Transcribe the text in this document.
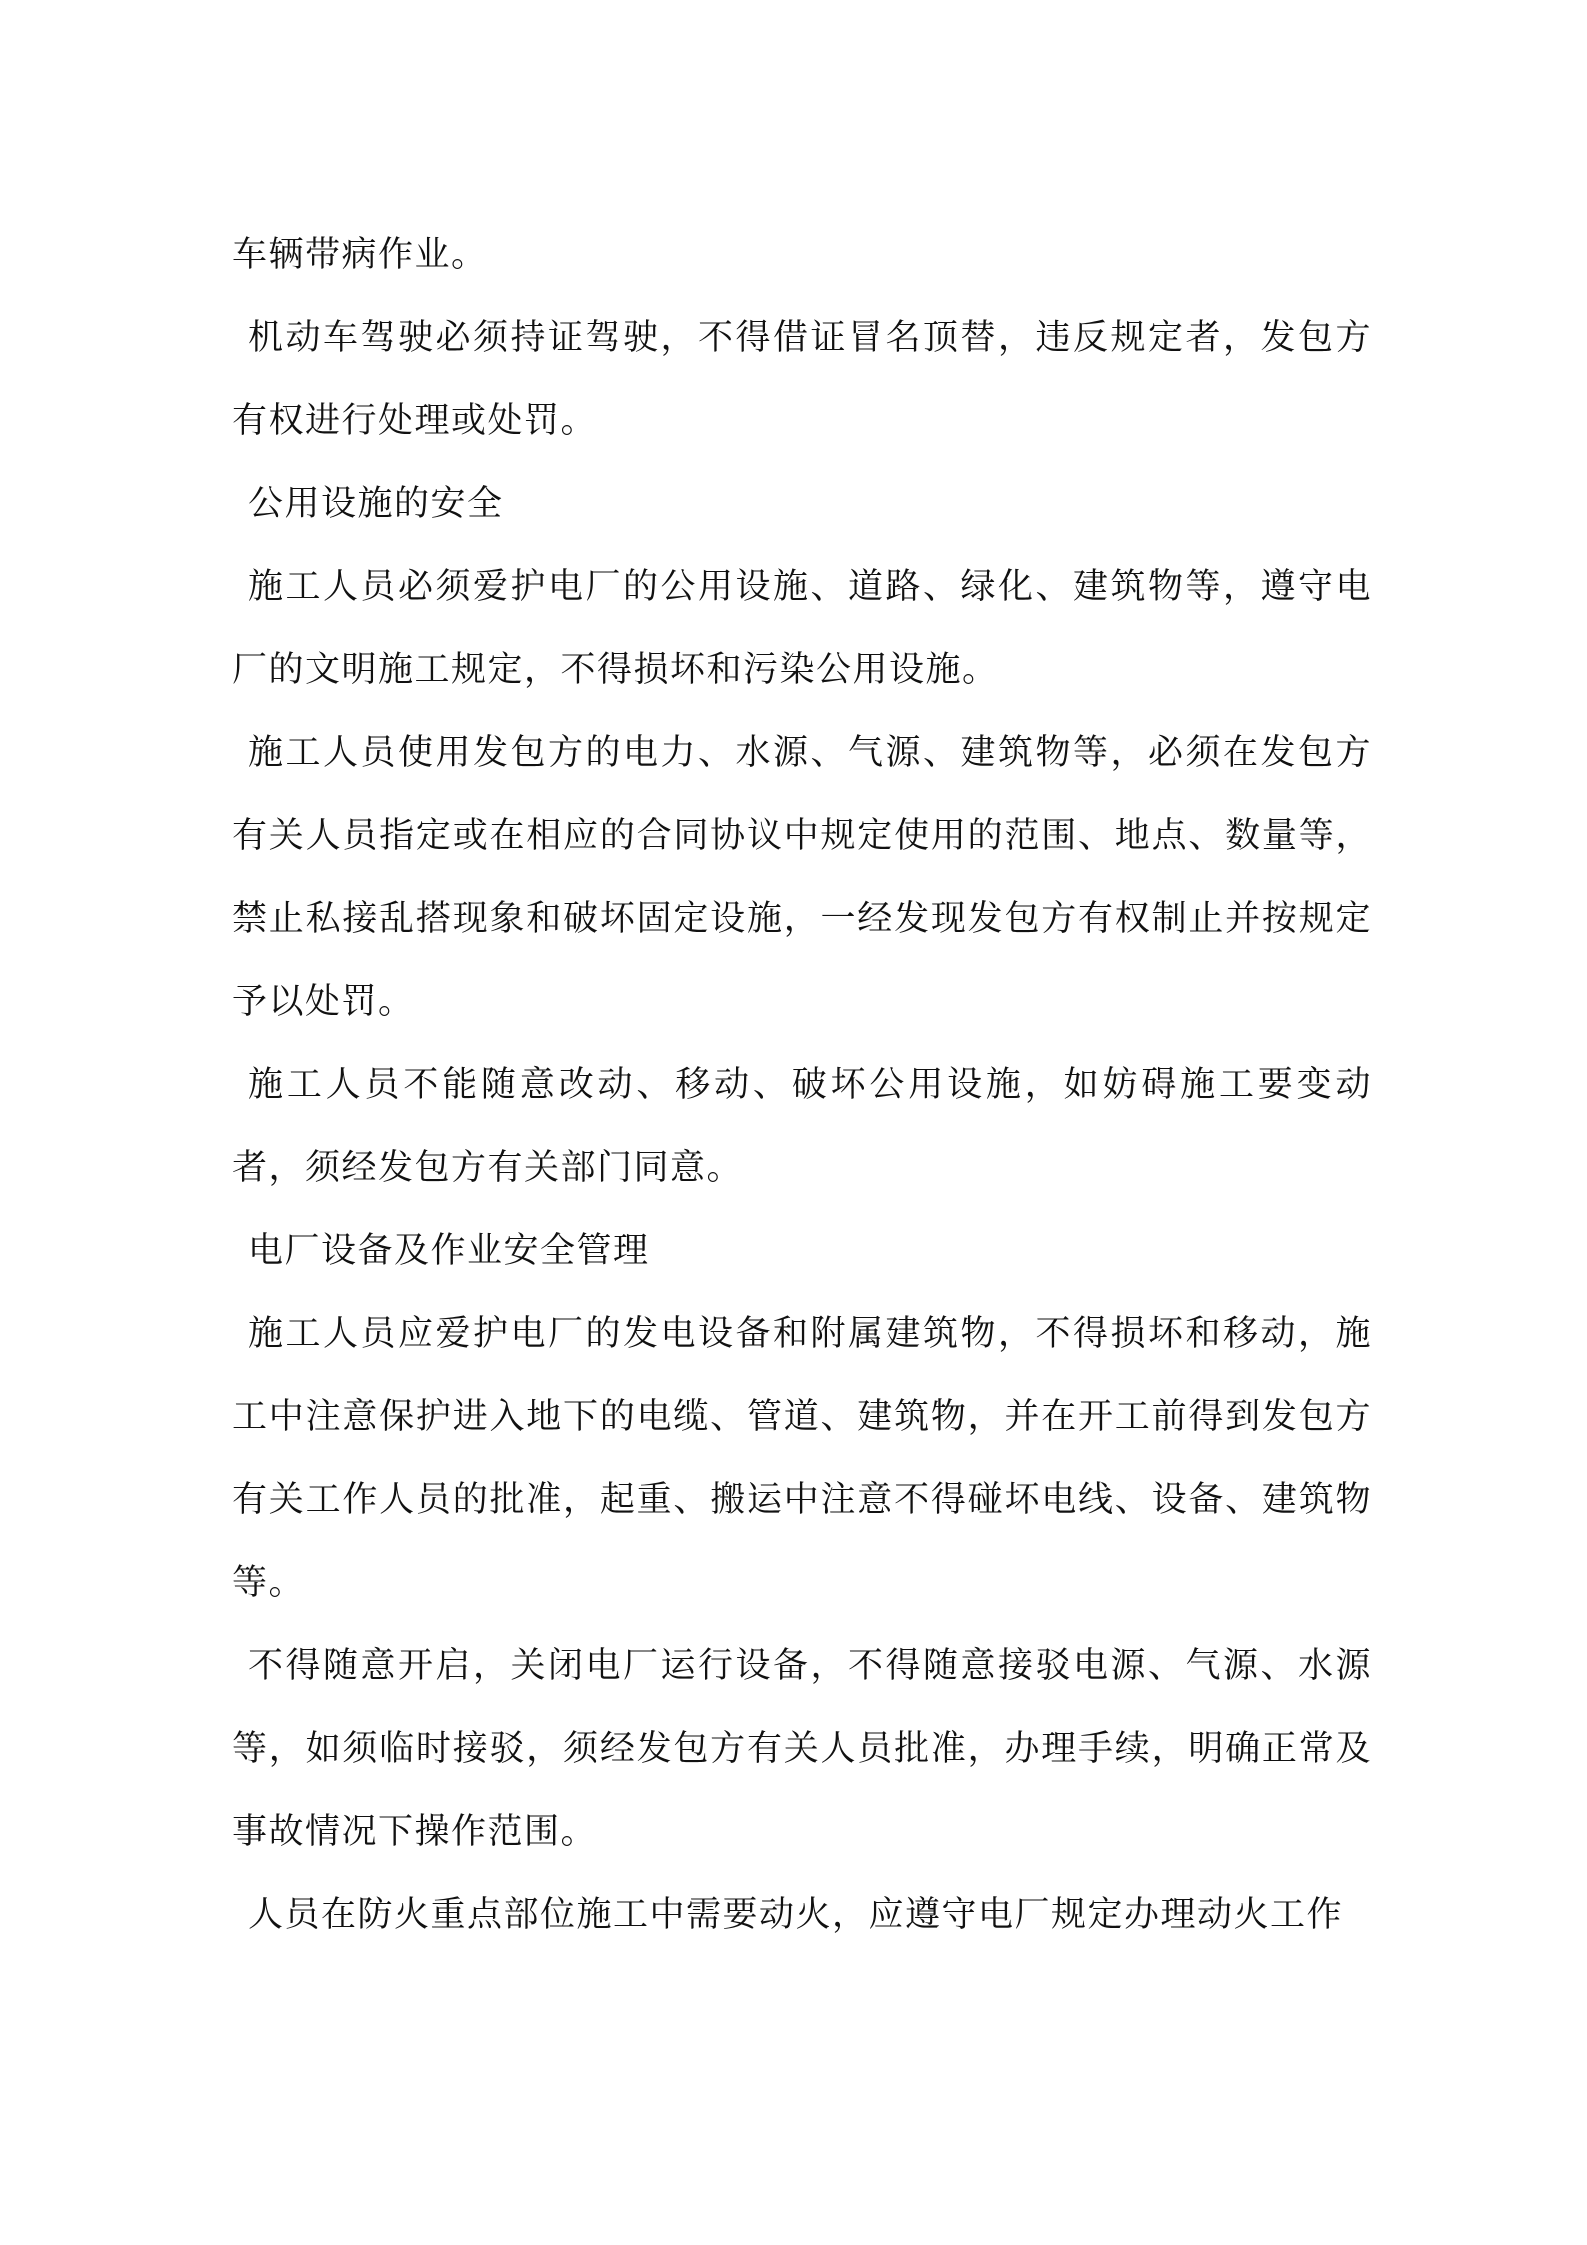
车辆带病作业。

机动车驾驶必须持证驾驶，不得借证冒名顶替，违反规定者，发包方有权进行处理或处罚。

公用设施的安全

施工人员必须爱护电厂的公用设施、道路、绿化、建筑物等，遵守电厂的文明施工规定，不得损坏和污染公用设施。

施工人员使用发包方的电力、水源、气源、建筑物等，必须在发包方有关人员指定或在相应的合同协议中规定使用的范围、地点、数量等，禁止私接乱搭现象和破坏固定设施，一经发现发包方有权制止并按规定予以处罚。

施工人员不能随意改动、移动、破坏公用设施，如妨碍施工要变动者，须经发包方有关部门同意。

电厂设备及作业安全管理

施工人员应爱护电厂的发电设备和附属建筑物，不得损坏和移动，施工中注意保护进入地下的电缆、管道、建筑物，并在开工前得到发包方有关工作人员的批准，起重、搬运中注意不得碰坏电线、设备、建筑物等。

不得随意开启，关闭电厂运行设备，不得随意接驳电源、气源、水源等，如须临时接驳，须经发包方有关人员批准，办理手续，明确正常及事故情况下操作范围。

人员在防火重点部位施工中需要动火，应遵守电厂规定办理动火工作
